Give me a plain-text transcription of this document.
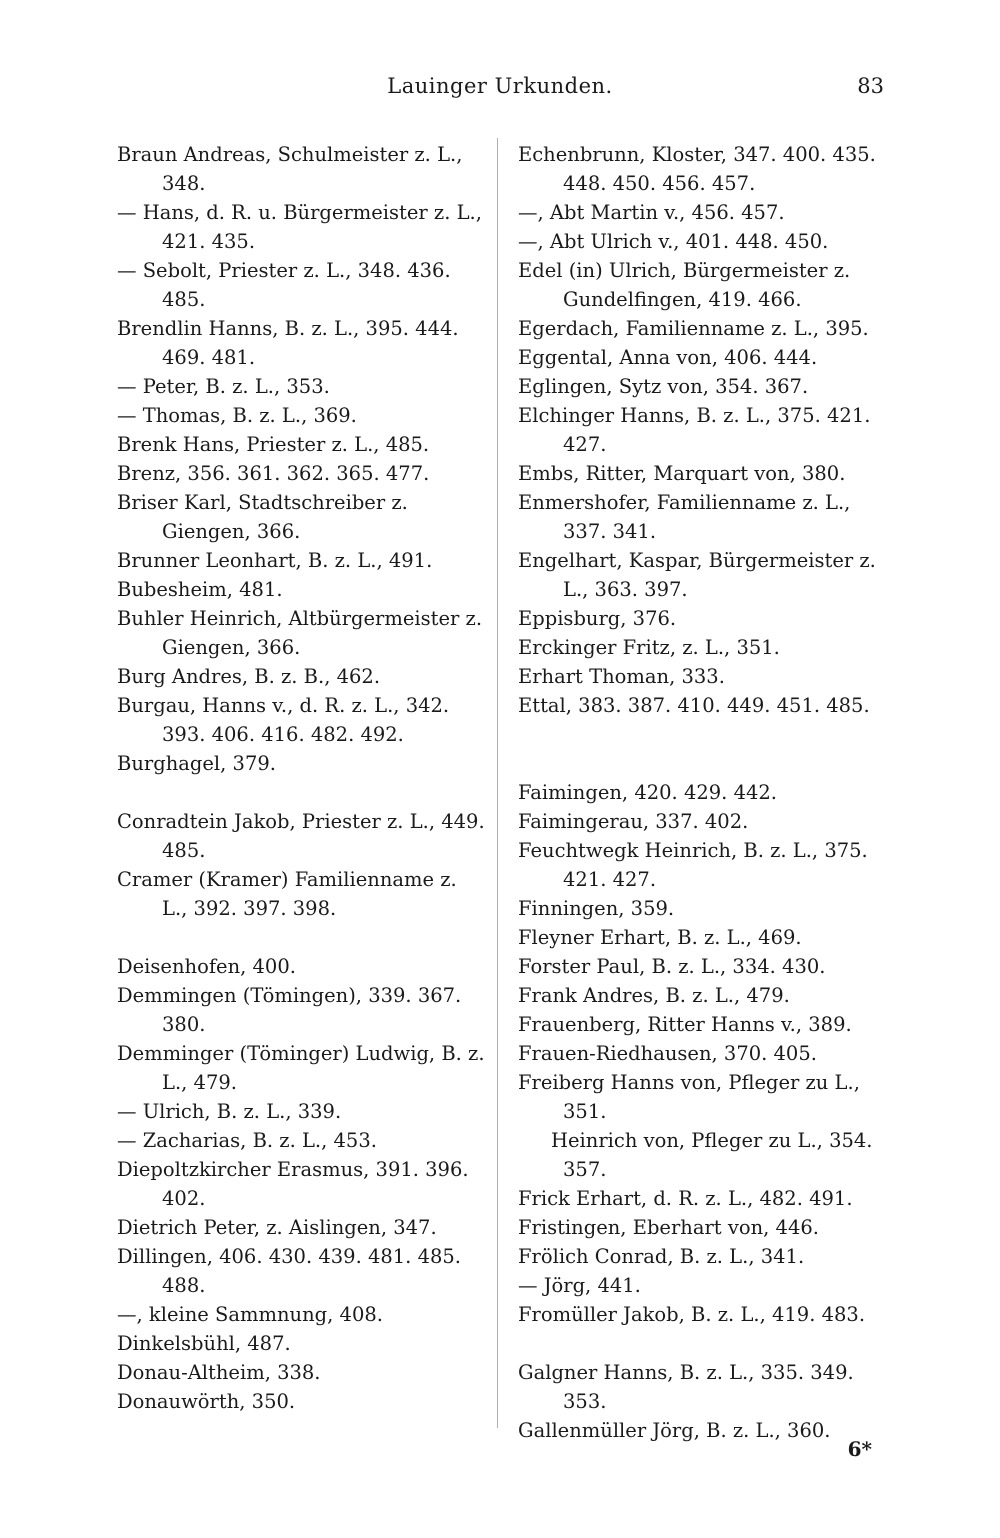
Lauinger Urkunden.	83
Braun Andreas, Schulmeister z. L., 348.
— Hans, d. R. u. Bürgermeister z. L., 421. 435.
— Sebolt, Priester z. L., 348. 436. 485.
Brendlin Hanns, B. z. L., 395. 444. 469. 481.
— Peter, B. z. L., 353.
— Thomas, B. z. L., 369.
Brenk Hans, Priester z. L., 485.
Brenz, 356. 361. 362. 365. 477.
Briser Karl, Stadtschreiber z. Giengen, 366.
Brunner Leonhart, B. z. L., 491.
Bubesheim, 481.
Buhler Heinrich, Altbürgermeister z. Giengen, 366.
Burg Andres, B. z. B., 462.
Burgau, Hanns v., d. R. z. L., 342. 393. 406. 416. 482. 492.
Burghagel, 379.
Conradtein Jakob, Priester z. L., 449. 485.
Cramer (Kramer) Familienname z. L., 392. 397. 398.
Deisenhofen, 400.
Demmingen (Tömingen), 339. 367. 380.
Demminger (Töminger) Ludwig, B. z. L., 479.
— Ulrich, B. z. L., 339.
— Zacharias, B. z. L., 453.
Diepoltzkircher Erasmus, 391. 396. 402.
Dietrich Peter, z. Aislingen, 347.
Dillingen, 406. 430. 439. 481. 485. 488.
—, kleine Sammnung, 408.
Dinkelsbühl, 487.
Donau-Altheim, 338.
Donauwörth, 350.
Echenbrunn, Kloster, 347. 400. 435. 448. 450. 456. 457.
—, Abt Martin v., 456. 457.
—, Abt Ulrich v., 401. 448. 450.
Edel (in) Ulrich, Bürgermeister z. Gundelfingen, 419. 466.
Egerdach, Familienname z. L., 395.
Eggental, Anna von, 406. 444.
Eglingen, Sytz von, 354. 367.
Elchinger Hanns, B. z. L., 375. 421. 427.
Embs, Ritter, Marquart von, 380.
Enmershofer, Familienname z. L., 337. 341.
Engelhart, Kaspar, Bürgermeister z. L., 363. 397.
Eppisburg, 376.
Erckinger Fritz, z. L., 351.
Erhart Thoman, 333.
Ettal, 383. 387. 410. 449. 451. 485.
Faimingen, 420. 429. 442.
Faimingerau, 337. 402.
Feuchtwegk Heinrich, B. z. L., 375. 421. 427.
Finningen, 359.
Fleyner Erhart, B. z. L., 469.
Forster Paul, B. z. L., 334. 430.
Frank Andres, B. z. L., 479.
Frauenberg, Ritter Hanns v., 389.
Frauen-Riedhausen, 370. 405.
Freiberg Hanns von, Pfleger zu L., 351.
Heinrich von, Pfleger zu L., 354. 357.
Frick Erhart, d. R. z. L., 482. 491.
Fristingen, Eberhart von, 446.
Frölich Conrad, B. z. L., 341.
— Jörg, 441.
Fromüller Jakob, B. z. L., 419. 483.
Galgner Hanns, B. z. L., 335. 349. 353.
Gallenmüller Jörg, B. z. L., 360.
6*
